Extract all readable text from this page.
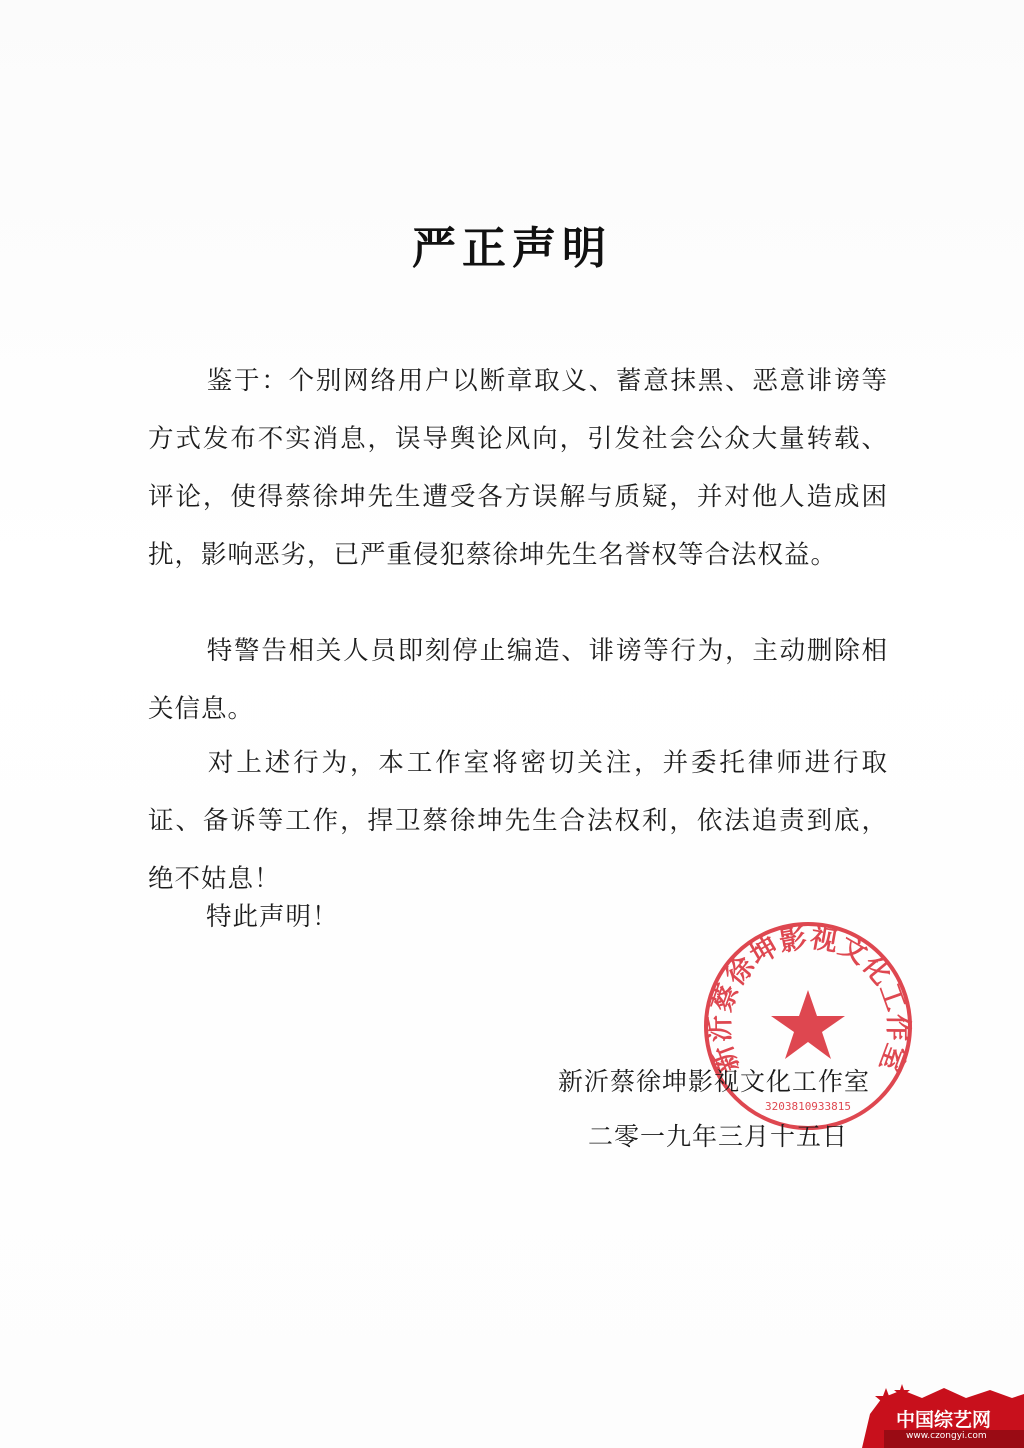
严正声明
鉴于：个别网络用户以断章取义、蓄意抹黑、恶意诽谤等方式发布不实消息，误导舆论风向，引发社会公众大量转载、评论，使得蔡徐坤先生遭受各方误解与质疑，并对他人造成困扰，影响恶劣，已严重侵犯蔡徐坤先生名誉权等合法权益。
特警告相关人员即刻停止编造、诽谤等行为，主动删除相关信息。
对上述行为，本工作室将密切关注，并委托律师进行取证、备诉等工作，捍卫蔡徐坤先生合法权利，依法追责到底，绝不姑息！
特此声明！
新沂蔡徐坤影视文化工作室
3203810933815
新沂蔡徐坤影视文化工作室
二零一九年三月十五日
中国综艺网
www.czongyi.com
